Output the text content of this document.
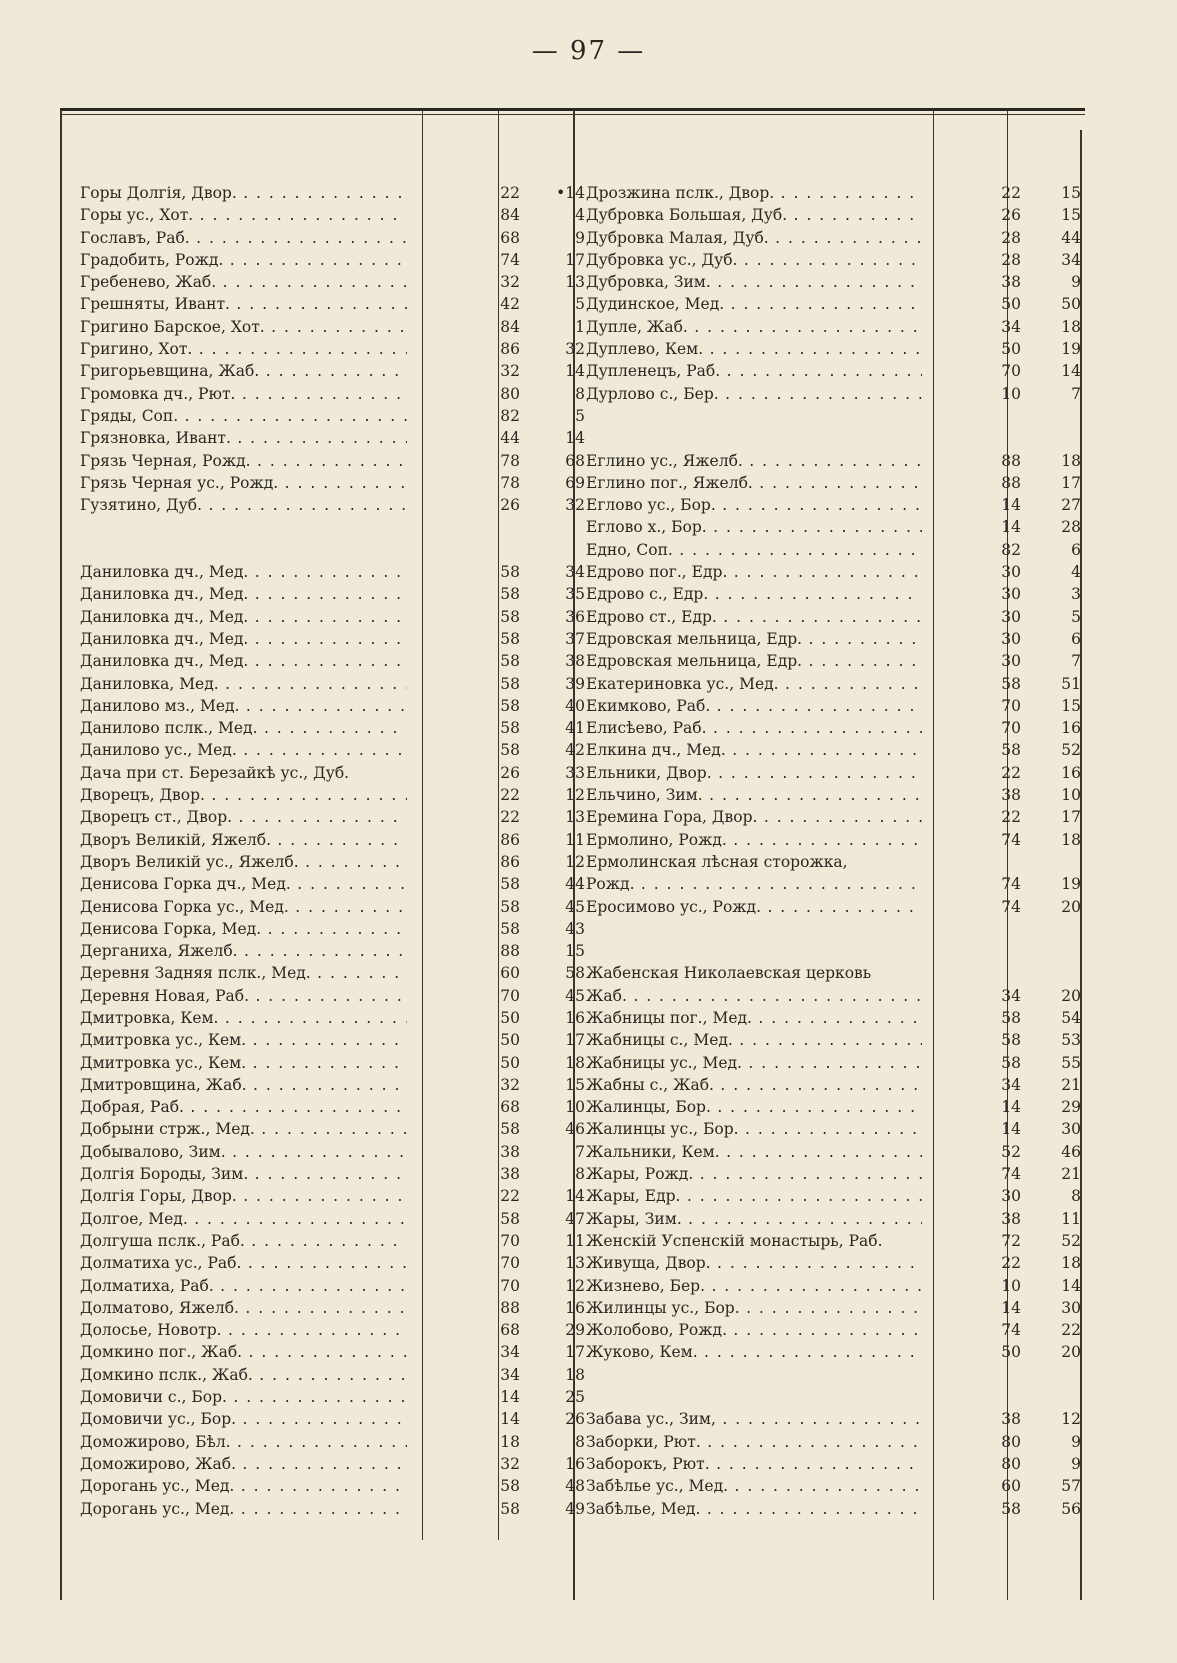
— 97 —
Горы Долгія, Двор. . . .	22	•14
Горы ус., Хот. . . .	84	4
Гославъ, Раб. . . .	68	9
Градобить, Рожд. . . .	74	17
Гребенево, Жаб. . . .	32	13
Грешняты, Ивант. . . .	42	5
Григино Барское, Хот. . . .	84	1
Григино, Хот. . . .	86	32
Григорьевщина, Жаб. . . .	32	14
Громовка дч., Рют. . . .	80	8
Гряды, Соп. . . .	82	5
Грязновка, Ивант. . . .	44	14
Грязь Черная, Рожд. . . .	78	68
Грязь Черная ус., Рожд. . . .	78	69
Гузятино, Дуб. . . .	26	32
Даниловка дч., Мед. . . .	58	34
Даниловка дч., Мед. . . .	58	35
Даниловка дч., Мед. . . .	58	36
Даниловка дч., Мед. . . .	58	37
Даниловка дч., Мед. . . .	58	38
Даниловка, Мед. . . .	58	39
Данилово мз., Мед. . . .	58	40
Данилово пслк., Мед. . . .	58	41
Данилово ус., Мед. . . .	58	42
Дача при ст. Березайкѣ ус., Дуб.	26	33
Дворецъ, Двор. . . .	22	12
Дворецъ ст., Двор. . . .	22	13
Дворъ Великій, Яжелб. . . .	86	11
Дворъ Великій ус., Яжелб. . . .	86	12
Денисова Горка дч., Мед. . . .	58	44
Денисова Горка ус., Мед. . . .	58	45
Денисова Горка, Мед. . . .	58	43
Дерганиха, Яжелб. . . .	88	15
Деревня Задняя пслк., Мед. . . .	60	58
Деревня Новая, Раб. . . .	70	45
Дмитровка, Кем. . . .	50	16
Дмитровка ус., Кем. . . .	50	17
Дмитровка ус., Кем. . . .	50	18
Дмитровщина, Жаб. . . .	32	15
Добрая, Раб. . . .	68	10
Добрыни стрж., Мед. . . .	58	46
Добывалово, Зим. . . .	38	7
Долгія Бороды, Зим. . . .	38	8
Долгія Горы, Двор. . . .	22	14
Долгое, Мед. . . .	58	47
Долгуша пслк., Раб. . . .	70	11
Долматиха ус., Раб. . . .	70	13
Долматиха, Раб. . . .	70	12
Долматово, Яжелб. . . .	88	16
Долосье, Новотр. . . .	68	29
Домкино пог., Жаб. . . .	34	17
Домкино пслк., Жаб. . . .	34	18
Домовичи с., Бор. . . .	14	25
Домовичи ус., Бор. . . .	14	26
Доможирово, Бѣл. . . .	18	8
Доможирово, Жаб. . . .	32	16
Дорогань ус., Мед. . . .	58	48
Дорогань ус., Мед. . . .	58	49
Дрозжина пслк., Двор. . . .	22	15
Дубровка Большая, Дуб. . . .	26	15
Дубровка Малая, Дуб. . . .	28	44
Дубровка ус., Дуб. . . .	28	34
Дубровка, Зим. . . .	38	9
Дудинское, Мед. . . .	50	50
Дупле, Жаб. . . .	34	18
Дуплево, Кем. . . .	50	19
Дупленецъ, Раб. . . .	70	14
Дурлово с., Бер. . . .	10	7
Еглино ус., Яжелб. . . .	88	18
Еглино пог., Яжелб. . . .	88	17
Еглово ус., Бор. . . .	14	27
Еглово х., Бор. . . .	14	28
Едно, Соп. . . .	82	6
Едрово пог., Едр. . . .	30	4
Едрово с., Едр. . . .	30	3
Едрово ст., Едр. . . .	30	5
Едровская мельница, Едр. . . .	30	6
Едровская мельница, Едр. . . .	30	7
Екатериновка ус., Мед. . . .	58	51
Екимково, Раб. . . .	70	15
Елисѣево, Раб. . . .	70	16
Елкина дч., Мед. . . .	58	52
Ельники, Двор. . . .	22	16
Ельчино, Зим. . . .	38	10
Еремина Гора, Двор. . . .	22	17
Ермолино, Рожд. . . .	74	18
Ермолинская лѣсная сторожка,
Рожд. . . .	74	19
Еросимово ус., Рожд. . . .	74	20
Жабенская Николаевская церковь
Жаб. . . .	34	20
Жабницы пог., Мед. . . .	58	54
Жабницы с., Мед. . . .	58	53
Жабницы ус., Мед. . . .	58	55
Жабны с., Жаб. . . .	34	21
Жалинцы, Бор. . . .	14	29
Жалинцы ус., Бор. . . .	14	30
Жальники, Кем. . . .	52	46
Жары, Рожд. . . .	74	21
Жары, Едр. . . .	30	8
Жары, Зим. . . .	38	11
Женскій Успенскій монастырь, Раб.	72	52
Живуща, Двор. . . .	22	18
Жизнево, Бер. . . .	10	14
Жилинцы ус., Бор. . . .	14	30
Жолобово, Рожд. . . .	74	22
Жуково, Кем. . . .	50	20
Забава ус., Зим, . . .	38	12
Заборки, Рют. . . .	80	9
Заборокъ, Рют. . . .	80	9
Забѣлье ус., Мед. . . .	60	57
Забѣлье, Мед. . . .	58	56
